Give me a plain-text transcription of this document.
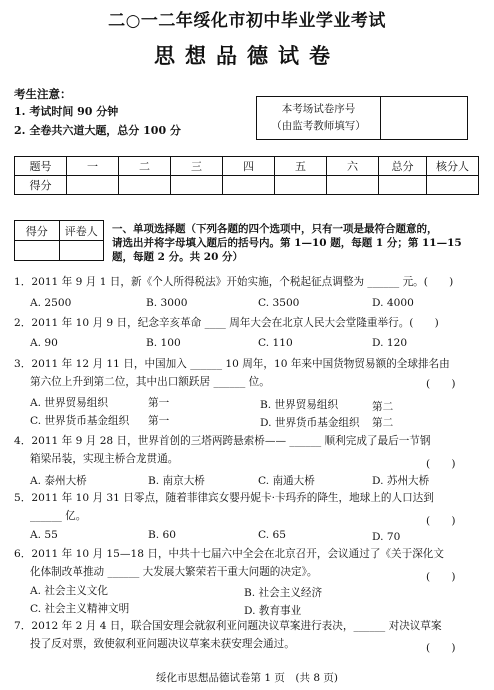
二○一二年绥化市初中毕业学业考试
思想品德试卷
考生注意：
1. 考试时间 90 分钟
2. 全卷共六道大题，总分 100 分
本考场试卷序号
（由监考教师填写）
题号	一	二	三	四	五	六	总分	核分人
得分								
得分	评卷人
	一、单项选择题（下列各题的四个选项中，只有一项是最符合题意的，
请选出并将字母填入题后的括号内。第 1—10 题，每题 1 分；第 11—15
题，每题 2 分。共 20 分）
1．2011 年 9 月 1 日，新《个人所得税法》开始实施，个税起征点调整为 ______ 元。(　　)
A. 2500	B. 3000	C. 3500	D. 4000
2．2011 年 10 月 9 日，纪念辛亥革命 ____ 周年大会在北京人民大会堂隆重举行。(　　)
A. 90	B. 100	C. 110	D. 120
3．2011 年 12 月 11 日，中国加入 ______ 10 周年，10 年来中国货物贸易额的全球排名由
第六位上升到第二位，其中出口额跃居 ______ 位。	(　　)
A. 世界贸易组织	第一	B. 世界贸易组织	第二
C. 世界货币基金组织 第一	D. 世界货币基金组织 第二
4．2011 年 9 月 28 日，世界首创的三塔两跨悬索桥—— ______ 顺利完成了最后一节钢
箱梁吊装，实现主桥合龙贯通。	(　　)
A. 泰州大桥	B. 南京大桥	C. 南通大桥	D. 苏州大桥
5．2011 年 10 月 31 日零点，随着菲律宾女婴丹妮卡·卡玛乔的降生，地球上的人口达到
______ 亿。	(　　)
A. 55	B. 60	C. 65	D. 70
6．2011 年 10 月 15—18 日，中共十七届六中全会在北京召开，会议通过了《关于深化文
化体制改革推动 ______ 大发展大繁荣若干重大问题的决定》。	(　　)
A. 社会主义文化	B. 社会主义经济
C. 社会主义精神文明	D. 教育事业
7．2012 年 2 月 4 日，联合国安理会就叙利亚问题决议草案进行表决，______ 对决议草案
投了反对票，致使叙利亚问题决议草案未获安理会通过。	(　　)
绥化市思想品德试卷第 1 页　(共 8 页)
